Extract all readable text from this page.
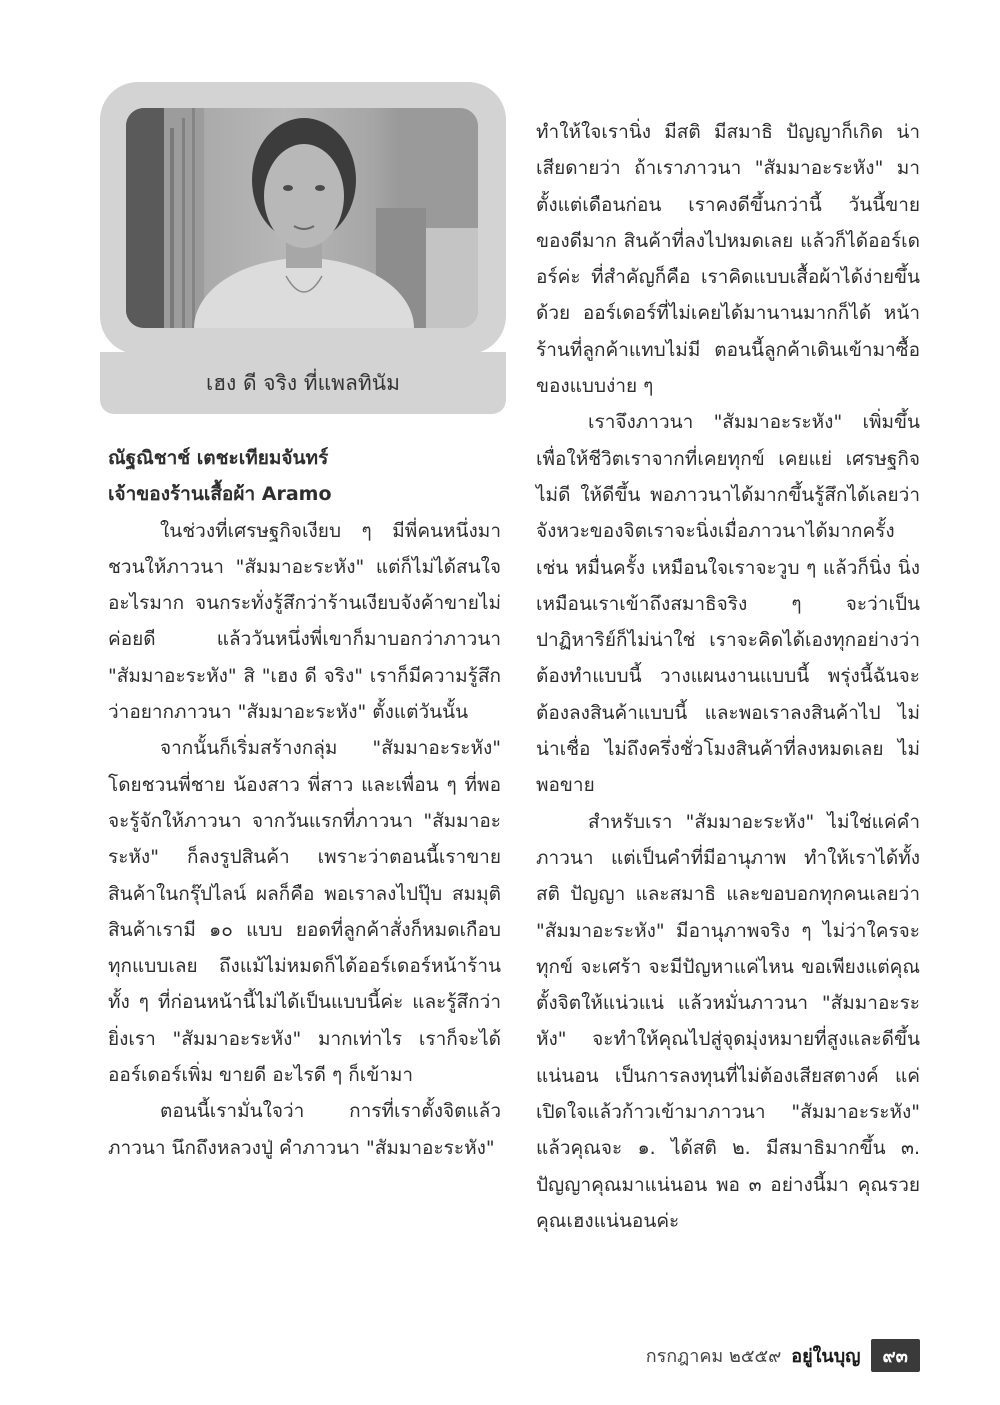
เฮง ดี จริง ที่แพลทินัม

ณัฐณิชาช์ เตชะเทียมจันทร์

เจ้าของร้านเสื้อผ้า Aramo

ในช่วงที่เศรษฐกิจเงียบ ๆ มีพี่คนหนึ่งมาชวนให้ภาวนา "สัมมาอะระหัง" แต่ก็ไม่ได้สนใจอะไรมาก จนกระทั่งรู้สึกว่าร้านเงียบจังค้าขายไม่ค่อยดี แล้ววันหนึ่งพี่เขาก็มาบอกว่าภาวนา "สัมมาอะระหัง" สิ "เฮง ดี จริง" เราก็มีความรู้สึกว่าอยากภาวนา "สัมมาอะระหัง" ตั้งแต่วันนั้น

จากนั้นก็เริ่มสร้างกลุ่ม "สัมมาอะระหัง" โดยชวนพี่ชาย น้องสาว พี่สาว และเพื่อน ๆ ที่พอจะรู้จักให้ภาวนา จากวันแรกที่ภาวนา "สัมมาอะระหัง" ก็ลงรูปสินค้า เพราะว่าตอนนี้เราขายสินค้าในกรุ๊ปไลน์ ผลก็คือ พอเราลงไปปุ๊บ สมมุติสินค้าเรามี ๑๐ แบบ ยอดที่ลูกค้าสั่งก็หมดเกือบทุกแบบเลย ถึงแม้ไม่หมดก็ได้ออร์เดอร์หน้าร้าน ทั้ง ๆ ที่ก่อนหน้านี้ไม่ได้เป็นแบบนี้ค่ะ และรู้สึกว่ายิ่งเรา "สัมมาอะระหัง" มากเท่าไร เราก็จะได้ออร์เดอร์เพิ่ม ขายดี อะไรดี ๆ ก็เข้ามา

ตอนนี้เรามั่นใจว่า การที่เราตั้งจิตแล้วภาวนา นึกถึงหลวงปู่ คำภาวนา "สัมมาอะระหัง"

ทำให้ใจเรานิ่ง มีสติ มีสมาธิ ปัญญาก็เกิด น่าเสียดายว่า ถ้าเราภาวนา "สัมมาอะระหัง" มาตั้งแต่เดือนก่อน เราคงดีขึ้นกว่านี้ วันนี้ขายของดีมาก สินค้าที่ลงไปหมดเลย แล้วก็ได้ออร์เดอร์ค่ะ ที่สำคัญก็คือ เราคิดแบบเสื้อผ้าได้ง่ายขึ้นด้วย ออร์เดอร์ที่ไม่เคยได้มานานมากก็ได้ หน้าร้านที่ลูกค้าแทบไม่มี ตอนนี้ลูกค้าเดินเข้ามาซื้อของแบบง่าย ๆ

เราจึงภาวนา "สัมมาอะระหัง" เพิ่มขึ้น เพื่อให้ชีวิตเราจากที่เคยทุกข์ เคยแย่ เศรษฐกิจไม่ดี ให้ดีขึ้น พอภาวนาได้มากขึ้นรู้สึกได้เลยว่าจังหวะของจิตเราจะนิ่งเมื่อภาวนาได้มากครั้ง เช่น หมื่นครั้ง เหมือนใจเราจะวูบ ๆ แล้วก็นิ่ง นิ่งเหมือนเราเข้าถึงสมาธิจริง ๆ จะว่าเป็นปาฏิหาริย์ก็ไม่น่าใช่ เราจะคิดได้เองทุกอย่างว่าต้องทำแบบนี้ วางแผนงานแบบนี้ พรุ่งนี้ฉันจะต้องลงสินค้าแบบนี้ และพอเราลงสินค้าไป ไม่น่าเชื่อ ไม่ถึงครึ่งชั่วโมงสินค้าที่ลงหมดเลย ไม่พอขาย

สำหรับเรา "สัมมาอะระหัง" ไม่ใช่แค่คำภาวนา แต่เป็นคำที่มีอานุภาพ ทำให้เราได้ทั้งสติ ปัญญา และสมาธิ และขอบอกทุกคนเลยว่า "สัมมาอะระหัง" มีอานุภาพจริง ๆ ไม่ว่าใครจะทุกข์ จะเศร้า จะมีปัญหาแค่ไหน ขอเพียงแต่คุณตั้งจิตให้แน่วแน่ แล้วหมั่นภาวนา "สัมมาอะระหัง" จะทำให้คุณไปสู่จุดมุ่งหมายที่สูงและดีขึ้นแน่นอน เป็นการลงทุนที่ไม่ต้องเสียสตางค์ แค่เปิดใจแล้วก้าวเข้ามาภาวนา "สัมมาอะระหัง" แล้วคุณจะ ๑. ได้สติ ๒. มีสมาธิมากขึ้น ๓. ปัญญาคุณมาแน่นอน พอ ๓ อย่างนี้มา คุณรวย คุณเฮงแน่นอนค่ะ

กรกฎาคม ๒๕๕๙ อยู่ในบุญ	๙๓
